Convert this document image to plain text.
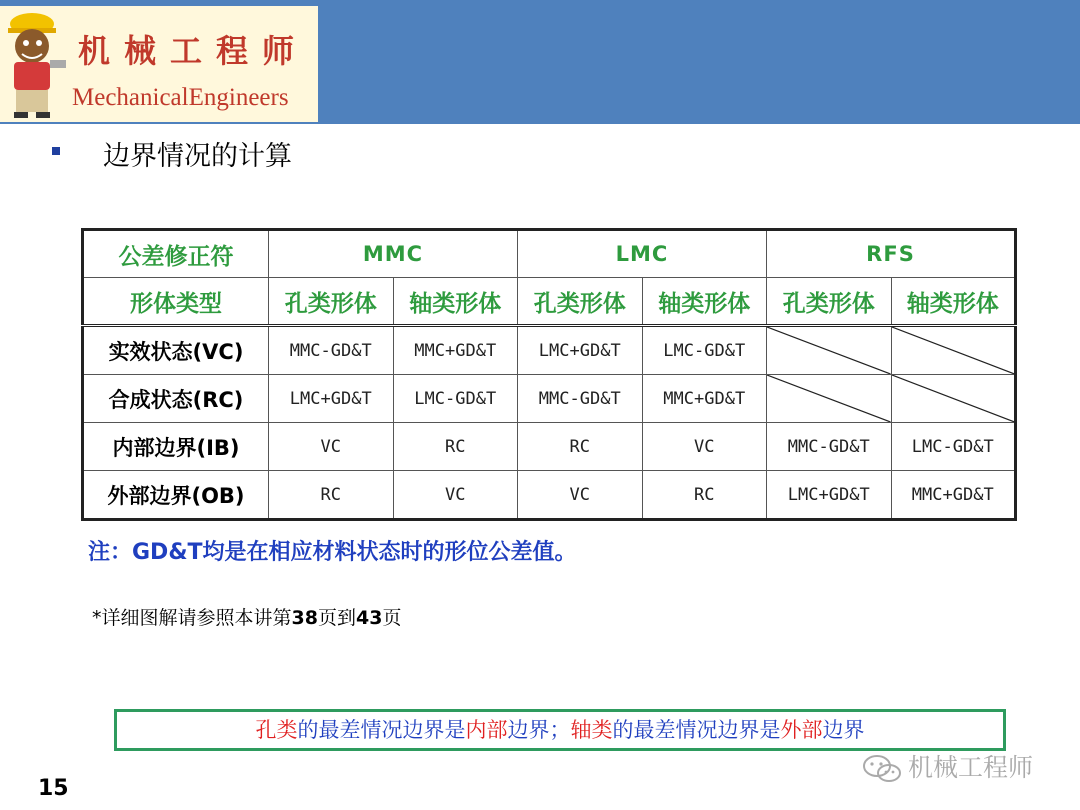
机械工程师
MechanicalEngineers
边界情况的计算
公差修正符	MMC		LMC		RFS	
形体类型	孔类形体	轴类形体	孔类形体	轴类形体	孔类形体	轴类形体
实效状态(VC)	MMC-GD&T	MMC+GD&T	LMC+GD&T	LMC-GD&T	

合成状态(RC)	LMC+GD&T	LMC-GD&T	MMC-GD&T	MMC+GD&T	

内部边界(IB)	VC	RC	RC	VC	MMC-GD&T	LMC-GD&T
外部边界(OB)	RC	VC	VC	RC	LMC+GD&T	MMC+GD&T
注：GD&T均是在相应材料状态时的形位公差值。
*详细图解请参照本讲第38页到43页
孔类的最差情况边界是内部边界；轴类的最差情况边界是外部边界
机械工程师
15
